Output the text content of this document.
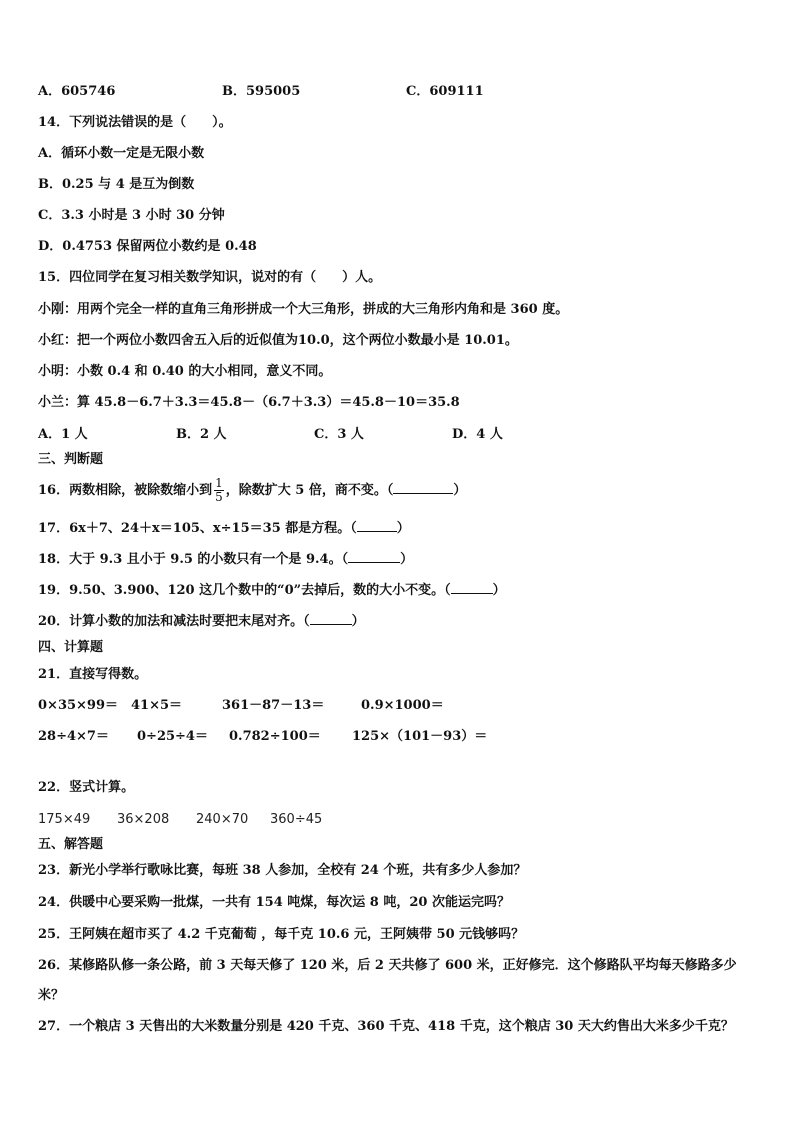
A．605746	B．595005	C．609111
14．下列说法错误的是（　　）。
A．循环小数一定是无限小数
B．0.25 与 4 是互为倒数
C．3.3 小时是 3 小时 30 分钟
D．0.4753 保留两位小数约是 0.48
15．四位同学在复习相关数学知识，说对的有（　　）人。
小刚：用两个完全一样的直角三角形拼成一个大三角形，拼成的大三角形内角和是 360 度。
小红：把一个两位小数四舍五入后的近似值为10.0，这个两位小数最小是 10.01。
小明：小数 0.4 和 0.40 的大小相同，意义不同。
小兰：算 45.8－6.7＋3.3＝45.8－（6.7＋3.3）＝45.8－10＝35.8
A．1 人	B．2 人	C．3 人	D．4 人
三、判断题
16．两数相除，被除数缩小到 $\frac{1}{5}$ ，除数扩大 5 倍，商不变。（	）
17．6x＋7、24＋x＝105、x÷15＝35 都是方程。（	）
18．大于 9.3 且小于 9.5 的小数只有一个是 9.4。（	）
19．9.50、3.900、120 这几个数中的“0”去掉后，数的大小不变。（	）
20．计算小数的加法和减法时要把末尾对齐。（	）
四、计算题
21．直接写得数。
0×35×99＝ 41×5＝	361－87－13＝	0.9×1000＝
28÷4×7＝ 0÷25÷4＝ 0.782÷100＝ 125×（101－93）＝
22．竖式计算。
175×49 36×208 240×70 360÷45
五、解答题
23．新光小学举行歌咏比赛，每班 38 人参加，全校有 24 个班，共有多少人参加？
24．供暖中心要采购一批煤，一共有 154 吨煤，每次运 8 吨，20 次能运完吗？
25．王阿姨在超市买了 4.2 千克葡萄 ，每千克 10.6 元，王阿姨带 50 元钱够吗？
26．某修路队修一条公路，前 3 天每天修了 120 米，后 2 天共修了 600 米，正好修完．这个修路队平均每天修路多少
米？
27．一个粮店 3 天售出的大米数量分别是 420 千克、360 千克、418 千克，这个粮店 30 天大约售出大米多少千克？
